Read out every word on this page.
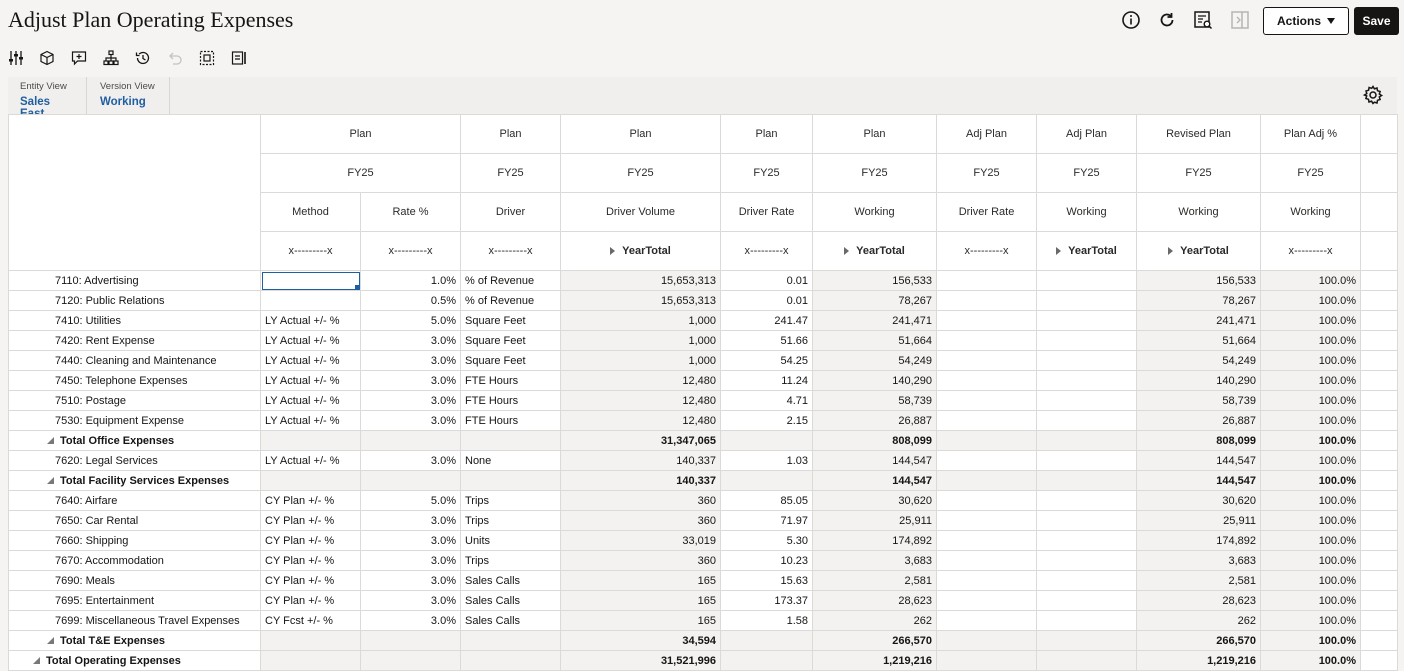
Adjust Plan Operating Expenses	Actions	Save
Entity View
Sales
Version View
Working
	Plan		Plan	Plan	Plan	Plan	Adj Plan	Adj Plan	Revised Plan	Plan Adj %	
	FY25		FY25	FY25	FY25	FY25	FY25	FY25	FY25	FY25	
	Method	Rate %	Driver	Driver Volume	Driver Rate	Working	Driver Rate	Working	Working	Working	
	x---------x	x---------x	x---------x	YearTotal	x---------x	YearTotal	x---------x	YearTotal	YearTotal	x---------x	
7110: Advertising		1.0%	% of Revenue	15,653,313	0.01	156,533			156,533	100.0%	
7120: Public Relations		0.5%	% of Revenue	15,653,313	0.01	78,267			78,267	100.0%	
7410: Utilities	LY Actual +/- %	5.0%	Square Feet	1,000	241.47	241,471			241,471	100.0%	
7420: Rent Expense	LY Actual +/- %	3.0%	Square Feet	1,000	51.66	51,664			51,664	100.0%	
7440: Cleaning and Maintenance	LY Actual +/- %	3.0%	Square Feet	1,000	54.25	54,249			54,249	100.0%	
7450: Telephone Expenses	LY Actual +/- %	3.0%	FTE Hours	12,480	11.24	140,290			140,290	100.0%	
7510: Postage	LY Actual +/- %	3.0%	FTE Hours	12,480	4.71	58,739			58,739	100.0%	
7530: Equipment Expense	LY Actual +/- %	3.0%	FTE Hours	12,480	2.15	26,887			26,887	100.0%	
Total Office Expenses				31,347,065		808,099			808,099	100.0%	
7620: Legal Services	LY Actual +/- %	3.0%	None	140,337	1.03	144,547			144,547	100.0%	
Total Facility Services Expenses				140,337		144,547			144,547	100.0%	
7640: Airfare	CY Plan +/- %	5.0%	Trips	360	85.05	30,620			30,620	100.0%	
7650: Car Rental	CY Plan +/- %	3.0%	Trips	360	71.97	25,911			25,911	100.0%	
7660: Shipping	CY Plan +/- %	3.0%	Units	33,019	5.30	174,892			174,892	100.0%	
7670: Accommodation	CY Plan +/- %	3.0%	Trips	360	10.23	3,683			3,683	100.0%	
7690: Meals	CY Plan +/- %	3.0%	Sales Calls	165	15.63	2,581			2,581	100.0%	
7695: Entertainment	CY Plan +/- %	3.0%	Sales Calls	165	173.37	28,623			28,623	100.0%	
7699: Miscellaneous Travel Expenses	CY Fcst +/- %	3.0%	Sales Calls	165	1.58	262			262	100.0%	
Total T&E Expenses				34,594		266,570			266,570	100.0%	
Total Operating Expenses				31,521,996		1,219,216			1,219,216	100.0%	
